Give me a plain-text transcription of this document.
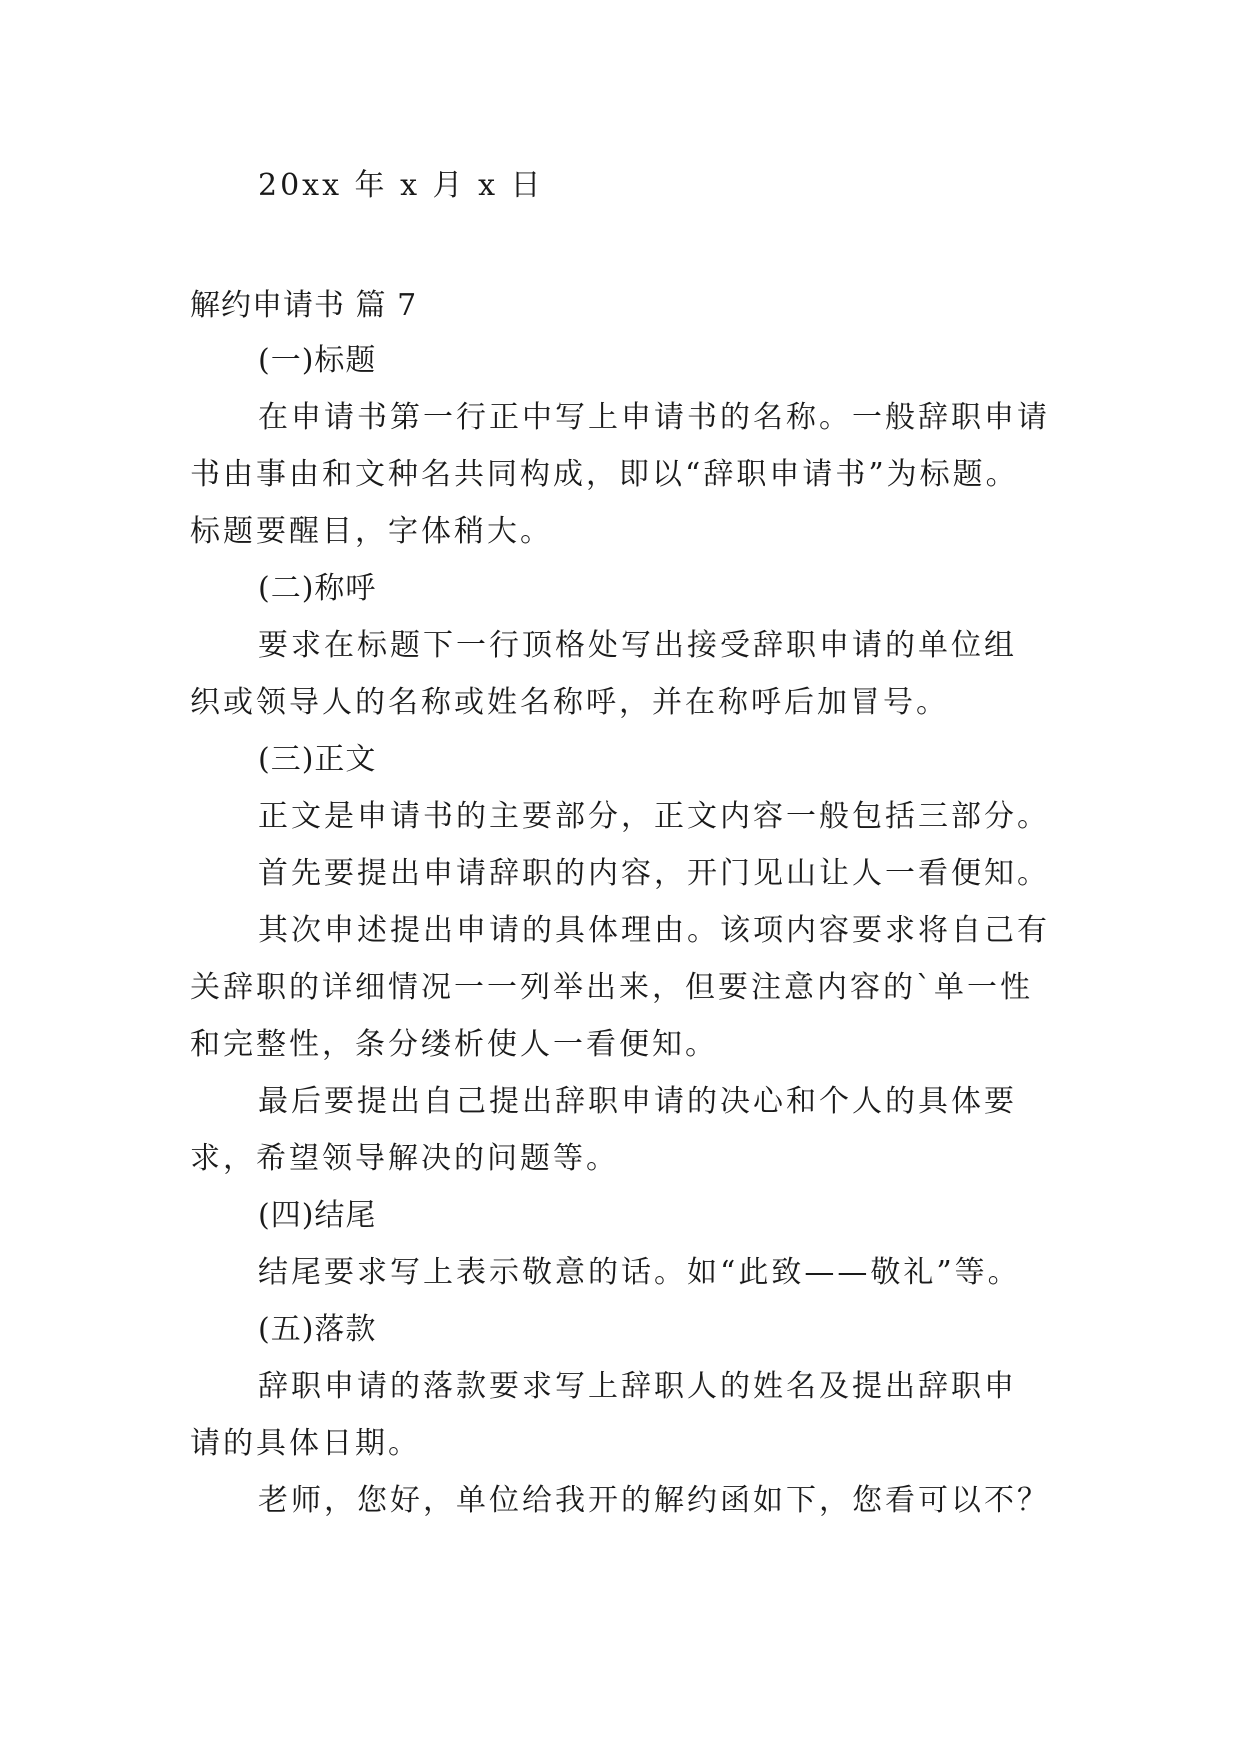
20xx 年 x 月 x 日
解约申请书 篇 7
(一)标题
在申请书第一行正中写上申请书的名称。一般辞职申请
书由事由和文种名共同构成，即以“辞职申请书”为标题。
标题要醒目，字体稍大。
(二)称呼
要求在标题下一行顶格处写出接受辞职申请的单位组
织或领导人的名称或姓名称呼，并在称呼后加冒号。
(三)正文
正文是申请书的主要部分，正文内容一般包括三部分。
首先要提出申请辞职的内容，开门见山让人一看便知。
其次申述提出申请的具体理由。该项内容要求将自己有
关辞职的详细情况一一列举出来，但要注意内容的`单一性
和完整性，条分缕析使人一看便知。
最后要提出自己提出辞职申请的决心和个人的具体要
求，希望领导解决的问题等。
(四)结尾
结尾要求写上表示敬意的话。如“此致——敬礼”等。
(五)落款
辞职申请的落款要求写上辞职人的姓名及提出辞职申
请的具体日期。
老师，您好，单位给我开的解约函如下，您看可以不？
